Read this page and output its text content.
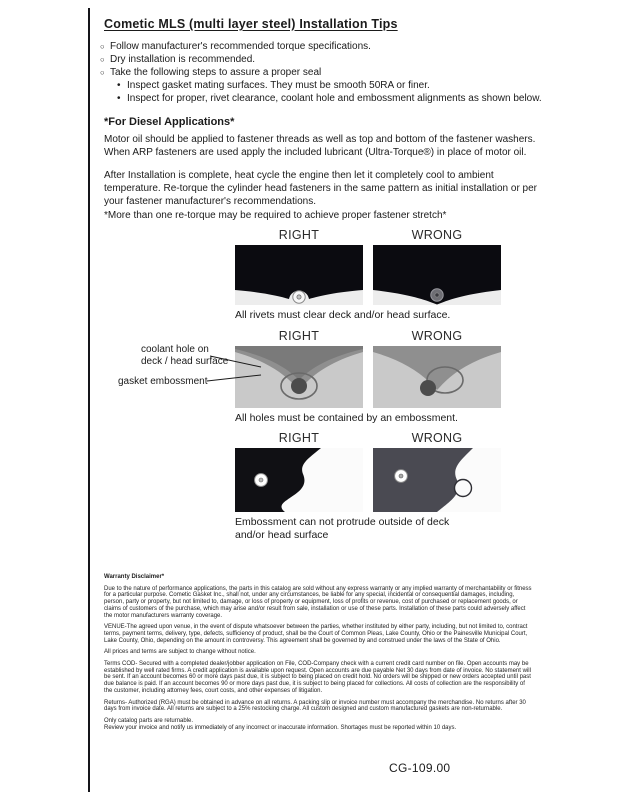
Cometic MLS (multi layer steel) Installation Tips
○
Follow manufacturer's recommended torque specifications.
○
Dry installation is recommended.
○
Take the following steps to assure a proper seal
•
Inspect gasket mating surfaces. They must be smooth 50RA or finer.
•
Inspect for proper, rivet clearance, coolant hole and embossment alignments as shown below.
*For Diesel Applications*
Motor oil should be applied to fastener threads as well as top and bottom of the fastener washers. When ARP fasteners are used apply the included lubricant (Ultra-Torque®) in place of motor oil.
After Installation is complete, heat cycle the engine then let it completely cool to ambient temperature. Re-torque the cylinder head fasteners in the same pattern as initial installation or per your fastener manufacturer's recommendations.
*More than one re-torque may be required to achieve proper fastener stretch*
RIGHT	WRONG
All rivets must clear deck and/or head surface.
RIGHT	WRONG
All holes must be contained by an embossment.
RIGHT	WRONG
Embossment can not protrude outside of deck
and/or head surface
coolant hole on
deck / head surface
gasket embossment
Warranty Disclaimer*
Due to the nature of performance applications, the parts in this catalog are sold without any express warranty or any implied warranty of merchantability or fitness for a particular purpose. Cometic Gasket Inc., shall not, under any circumstances, be liable for any special, incidental or consequential damages, including, person, party or property, but not limited to, damage, or loss of property or equipment, loss of profits or revenue, cost of purchased or replacement goods, or claims of customers of the purchase, which may arise and/or result from sale, installation or use of these parts. Installation of these parts could adversely affect the motor manufacturers warranty coverage.
VENUE-The agreed upon venue, in the event of dispute whatsoever between the parties, whether instituted by either party, including, but not limited to, contract terms, payment terms, delivery, type, defects, sufficiency of product, shall be the Court of Common Pleas, Lake County, Ohio or the Painesville Municipal Court, Lake County, Ohio, depending on the amount in controversy. This agreement shall be governed by and construed under the laws of the State of Ohio.
All prices and terms are subject to change without notice.
Terms COD- Secured with a completed dealer/jobber application on File, COD-Company check with a current credit card number on file. Open accounts may be established by well rated firms. A credit application is available upon request. Open accounts are due payable Net 30 days from date of invoice. No statement will be sent. If an account becomes 60 or more days past due, it is subject to being placed on credit hold. No orders will be shipped or new orders accepted until past due balance is paid. If an account becomes 90 or more days past due, it is subject to being placed for collections. All costs of collection are the responsibility of the customer, including attorney fees, court costs, and other expenses of litigation.
Returns- Authorized (RGA) must be obtained in advance on all returns. A packing slip or invoice number must accompany the merchandise. No returns after 30 days from invoice date. All returns are subject to a 25% restocking charge. All custom designed and custom manufactured gaskets are non-returnable.
Only catalog parts are returnable.
Review your invoice and notify us immediately of any incorrect or inaccurate information. Shortages must be reported within 10 days.
CG-109.00
